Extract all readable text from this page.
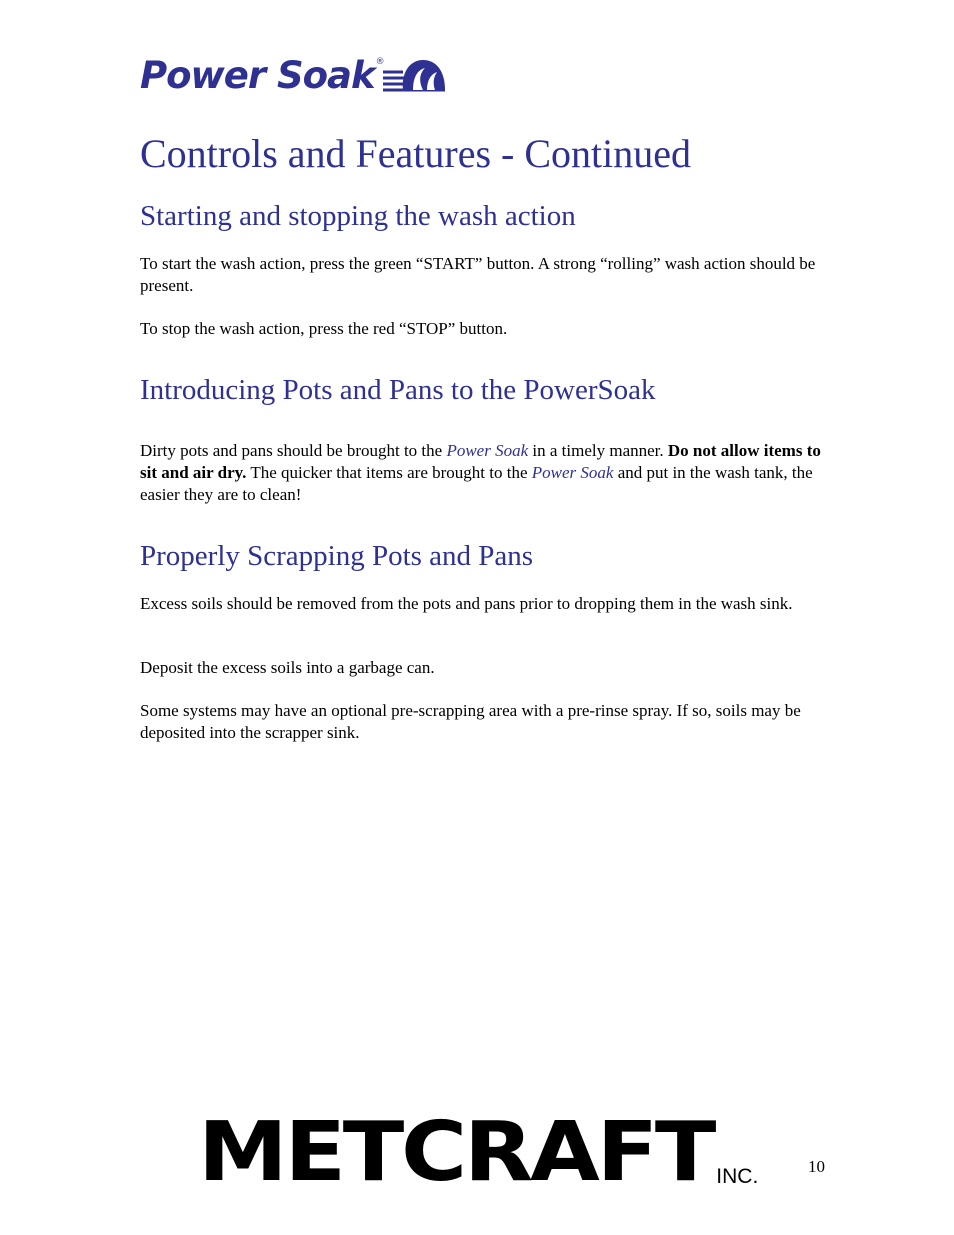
Power Soak ®
Controls and Features - Continued
Starting and stopping the wash action

To start the wash action, press the green “START” button. A strong “rolling” wash action should be present.

To stop the wash action, press the red “STOP” button.

Introducing Pots and Pans to the PowerSoak

Dirty pots and pans should be brought to the Power Soak in a timely manner. Do not allow items to sit and air dry. The quicker that items are brought to the Power Soak and put in the wash tank, the easier they are to clean!

Properly Scrapping Pots and Pans

Excess soils should be removed from the pots and pans prior to dropping them in the wash sink.

Deposit the excess soils into a garbage can.

Some systems may have an optional pre-scrapping area with a pre-rinse spray. If so, soils may be deposited into the scrapper sink.

METCRAFT INC.	10
